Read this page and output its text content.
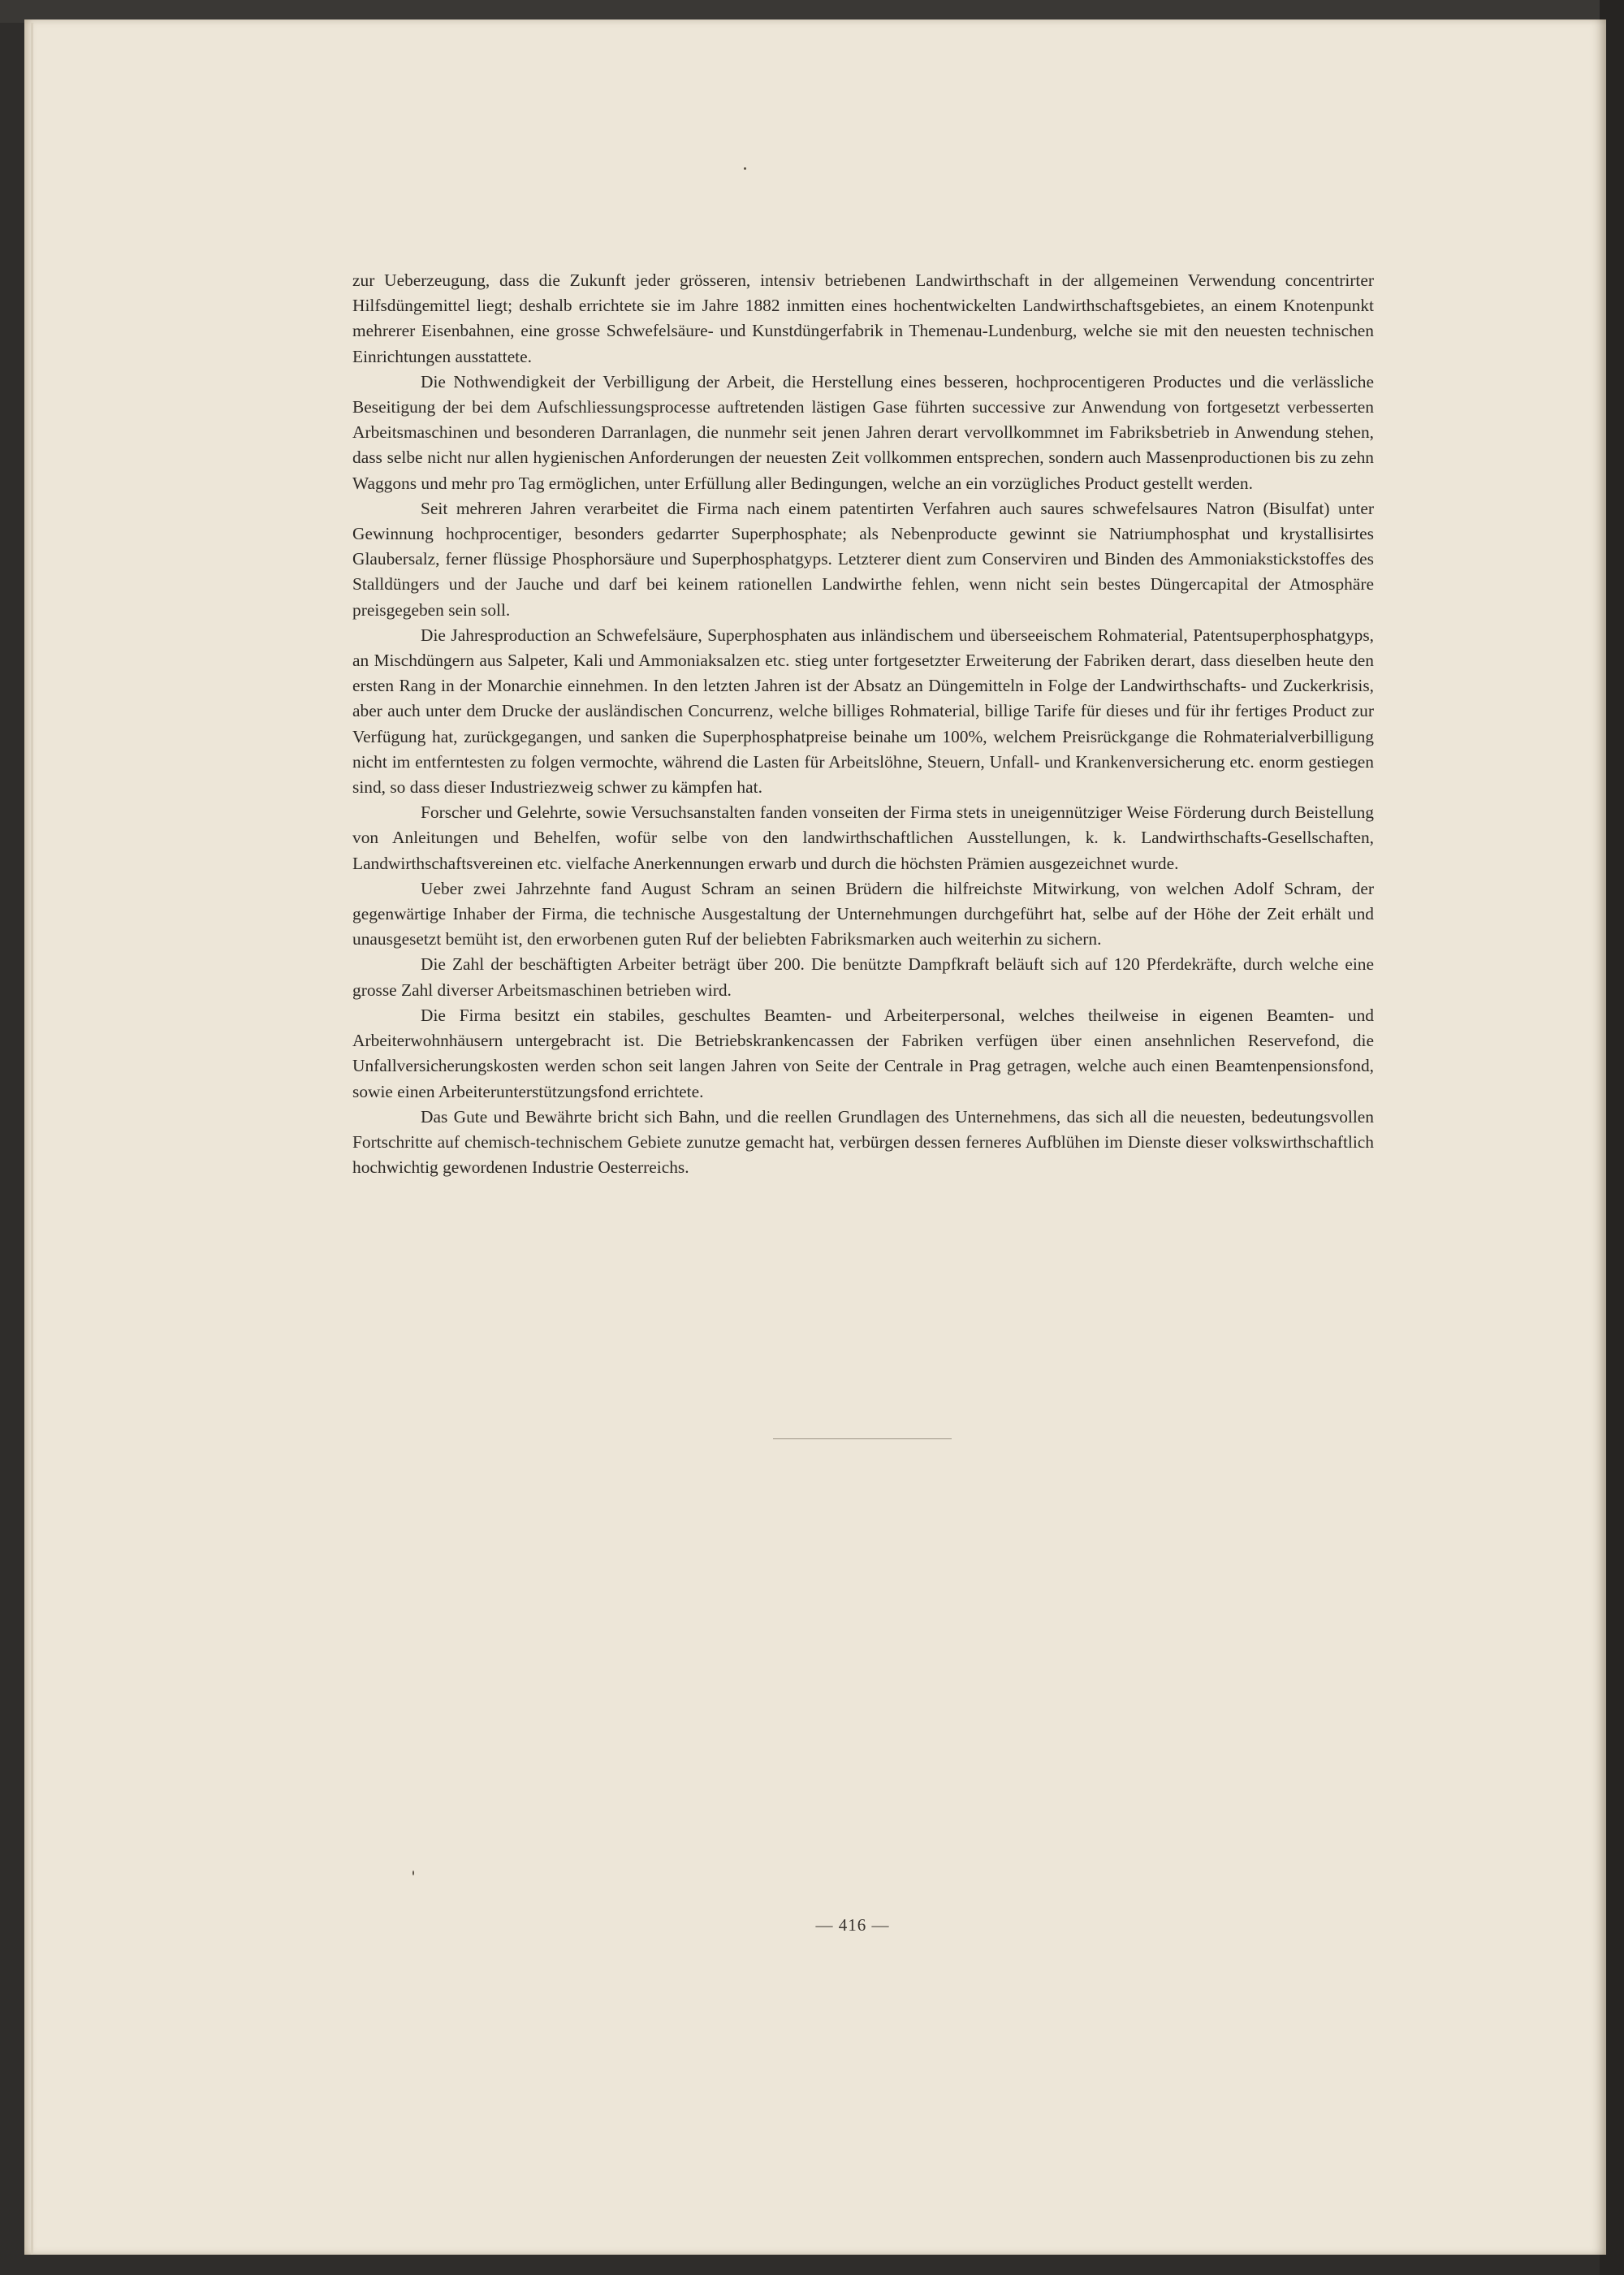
zur Ueberzeugung, dass die Zukunft jeder grösseren, intensiv betriebenen Landwirthschaft in der allgemeinen Verwendung concentrirter Hilfsdüngemittel liegt; deshalb errichtete sie im Jahre 1882 inmitten eines hochentwickelten Landwirthschaftsgebietes, an einem Knotenpunkt mehrerer Eisenbahnen, eine grosse Schwefelsäure- und Kunstdüngerfabrik in Themenau-Lundenburg, welche sie mit den neuesten technischen Einrichtungen ausstattete.

Die Nothwendigkeit der Verbilligung der Arbeit, die Herstellung eines besseren, hochprocentigeren Productes und die verlässliche Beseitigung der bei dem Aufschliessungsprocesse auftretenden lästigen Gase führten successive zur Anwendung von fortgesetzt verbesserten Arbeitsmaschinen und besonderen Darranlagen, die nunmehr seit jenen Jahren derart vervollkommnet im Fabriksbetrieb in Anwendung stehen, dass selbe nicht nur allen hygienischen Anforderungen der neuesten Zeit vollkommen entsprechen, sondern auch Massenproductionen bis zu zehn Waggons und mehr pro Tag ermöglichen, unter Erfüllung aller Bedingungen, welche an ein vorzügliches Product gestellt werden.

Seit mehreren Jahren verarbeitet die Firma nach einem patentirten Verfahren auch saures schwefelsaures Natron (Bisulfat) unter Gewinnung hochprocentiger, besonders gedarrter Superphosphate; als Nebenproducte gewinnt sie Natriumphosphat und krystallisirtes Glaubersalz, ferner flüssige Phosphorsäure und Superphosphatgyps. Letzterer dient zum Conserviren und Binden des Ammoniakstickstoffes des Stalldüngers und der Jauche und darf bei keinem rationellen Landwirthe fehlen, wenn nicht sein bestes Düngercapital der Atmosphäre preisgegeben sein soll.

Die Jahresproduction an Schwefelsäure, Superphosphaten aus inländischem und überseeischem Rohmaterial, Patentsuperphosphatgyps, an Mischdüngern aus Salpeter, Kali und Ammoniaksalzen etc. stieg unter fortgesetzter Erweiterung der Fabriken derart, dass dieselben heute den ersten Rang in der Monarchie einnehmen. In den letzten Jahren ist der Absatz an Düngemitteln in Folge der Landwirthschafts- und Zuckerkrisis, aber auch unter dem Drucke der ausländischen Concurrenz, welche billiges Rohmaterial, billige Tarife für dieses und für ihr fertiges Product zur Verfügung hat, zurückgegangen, und sanken die Superphosphatpreise beinahe um 100%, welchem Preisrückgange die Rohmaterialverbilligung nicht im entferntesten zu folgen vermochte, während die Lasten für Arbeitslöhne, Steuern, Unfall- und Krankenversicherung etc. enorm gestiegen sind, so dass dieser Industriezweig schwer zu kämpfen hat.

Forscher und Gelehrte, sowie Versuchsanstalten fanden vonseiten der Firma stets in uneigennütziger Weise Förderung durch Beistellung von Anleitungen und Behelfen, wofür selbe von den landwirthschaftlichen Ausstellungen, k. k. Landwirthschafts-Gesellschaften, Landwirthschaftsvereinen etc. vielfache Anerkennungen erwarb und durch die höchsten Prämien ausgezeichnet wurde.

Ueber zwei Jahrzehnte fand August Schram an seinen Brüdern die hilfreichste Mitwirkung, von welchen Adolf Schram, der gegenwärtige Inhaber der Firma, die technische Ausgestaltung der Unternehmungen durchgeführt hat, selbe auf der Höhe der Zeit erhält und unausgesetzt bemüht ist, den erworbenen guten Ruf der beliebten Fabriksmarken auch weiterhin zu sichern.

Die Zahl der beschäftigten Arbeiter beträgt über 200. Die benützte Dampfkraft beläuft sich auf 120 Pferdekräfte, durch welche eine grosse Zahl diverser Arbeitsmaschinen betrieben wird.

Die Firma besitzt ein stabiles, geschultes Beamten- und Arbeiterpersonal, welches theilweise in eigenen Beamten- und Arbeiterwohnhäusern untergebracht ist. Die Betriebskrankencassen der Fabriken verfügen über einen ansehnlichen Reservefond, die Unfallversicherungskosten werden schon seit langen Jahren von Seite der Centrale in Prag getragen, welche auch einen Beamtenpensionsfond, sowie einen Arbeiterunterstützungsfond errichtete.

Das Gute und Bewährte bricht sich Bahn, und die reellen Grundlagen des Unternehmens, das sich all die neuesten, bedeutungsvollen Fortschritte auf chemisch-technischem Gebiete zunutze gemacht hat, verbürgen dessen ferneres Aufblühen im Dienste dieser volkswirthschaftlich hochwichtig gewordenen Industrie Oesterreichs.

— 416 —
